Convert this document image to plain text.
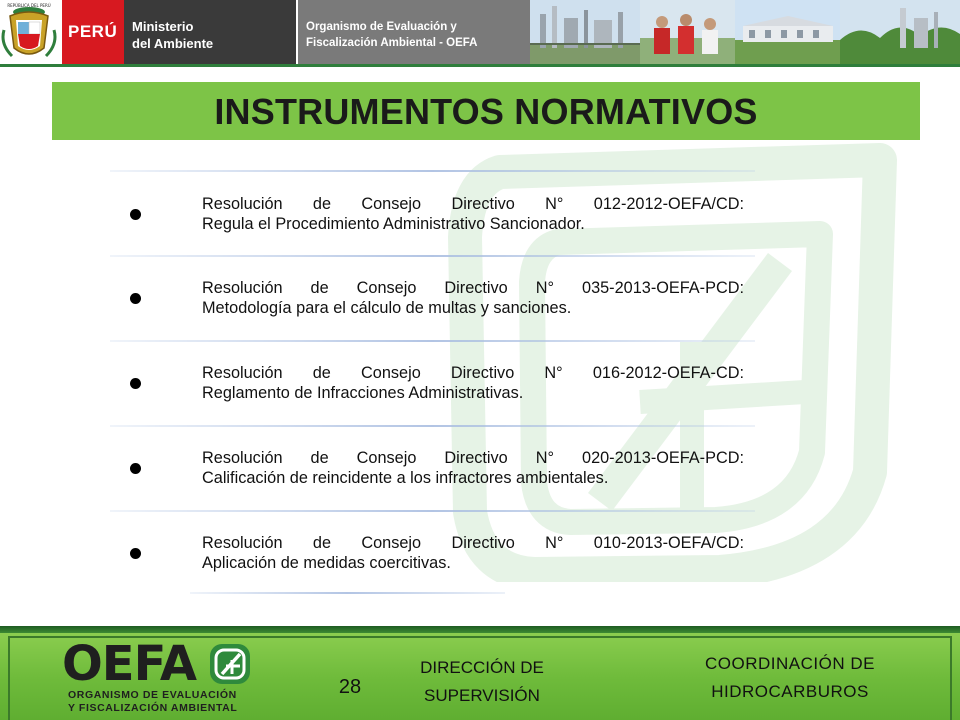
REPÚBLICA DEL PERÚ
PERÚ Ministerio
del Ambiente
Organismo de Evaluación y
Fiscalización Ambiental - OEFA
INSTRUMENTOS NORMATIVOS
Resolución de Consejo Directivo N° 012-2012-OEFA/CD:
Regula el Procedimiento Administrativo Sancionador.
Resolución de Consejo Directivo N° 035-2013-OEFA-PCD:
Metodología para el cálculo de multas y sanciones.
Resolución de Consejo Directivo N° 016-2012-OEFA-CD:
Reglamento de Infracciones Administrativas.
Resolución de Consejo Directivo N° 020-2013-OEFA-PCD:
Calificación de reincidente a los infractores ambientales.
Resolución de Consejo Directivo N° 010-2013-OEFA/CD:
Aplicación de medidas coercitivas.
OEFA
ORGANISMO DE EVALUACIÓN
Y FISCALIZACIÓN AMBIENTAL
28
DIRECCIÓN DE
SUPERVISIÓN
COORDINACIÓN DE
HIDROCARBUROS
